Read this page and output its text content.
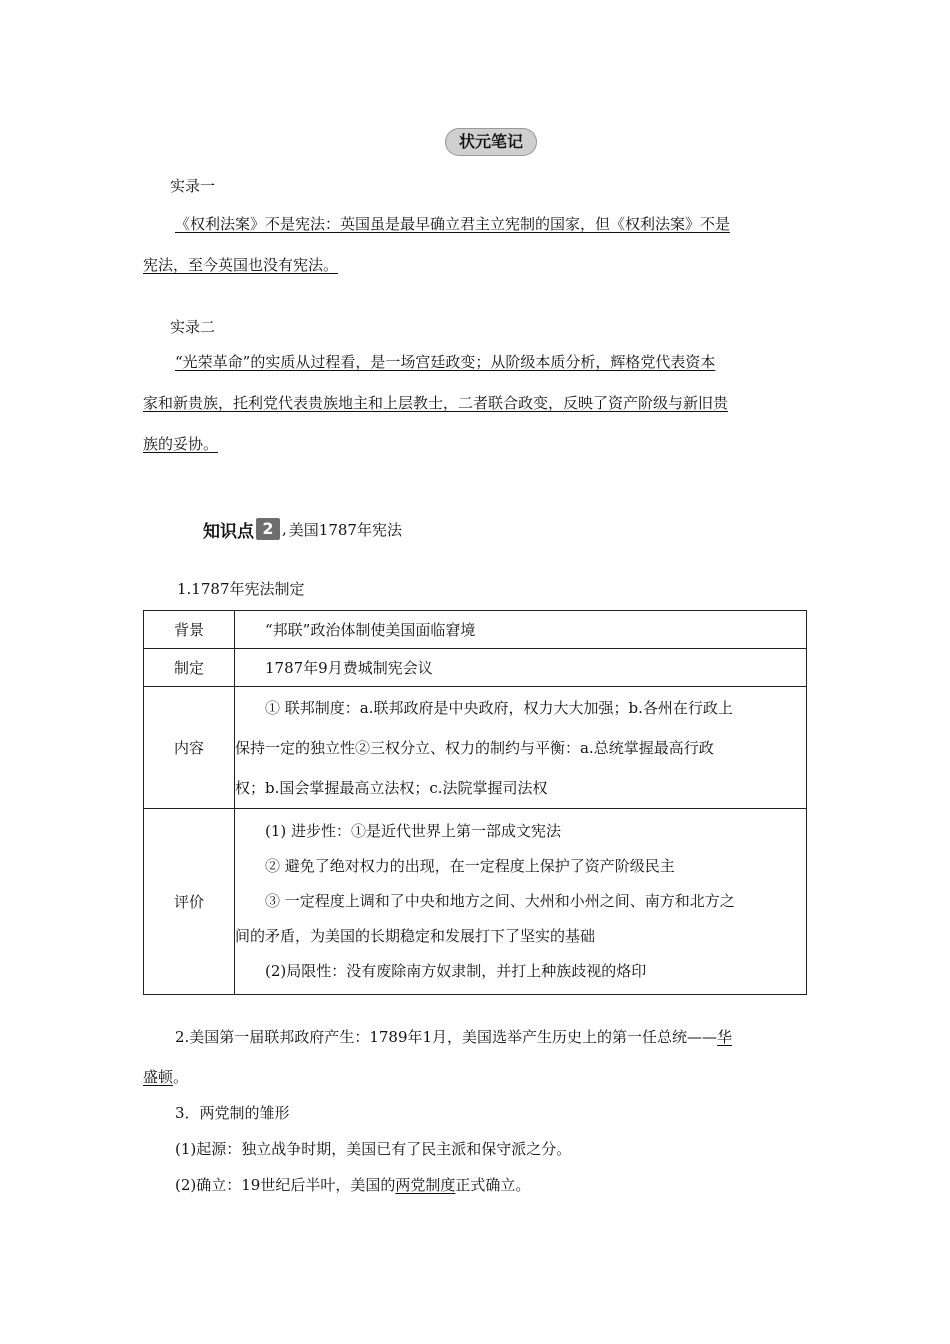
状元笔记
实录一
《权利法案》不是宪法：英国虽是最早确立君主立宪制的国家，但《权利法案》不是
宪法，至今英国也没有宪法。
实录二
“光荣革命”的实质从过程看，是一场宫廷政变；从阶级本质分析，辉格党代表资本
家和新贵族，托利党代表贵族地主和上层教士，二者联合政变，反映了资产阶级与新旧贵
族的妥协。
知识点 2 , 美国1787年宪法
1.1787年宪法制定
背景	“邦联”政治体制使美国面临窘境

制定	1787年9月费城制宪会议

内容	① 联邦制度：a.联邦政府是中央政府，权力大大加强；b.各州在行政上
保持一定的独立性②三权分立、权力的制约与平衡：a.总统掌握最高行政
权；b.国会掌握最高立法权；c.法院掌握司法权

评价	(1) 进步性：①是近代世界上第一部成文宪法
② 避免了绝对权力的出现，在一定程度上保护了资产阶级民主
③ 一定程度上调和了中央和地方之间、大州和小州之间、南方和北方之
间的矛盾，为美国的长期稳定和发展打下了坚实的基础
(2)局限性：没有废除南方奴隶制，并打上种族歧视的烙印
2.美国第一届联邦政府产生：1789年1月，美国选举产生历史上的第一任总统——华
盛顿。
3．两党制的雏形
(1)起源：独立战争时期，美国已有了民主派和保守派之分。
(2)确立：19世纪后半叶，美国的两党制度正式确立。
